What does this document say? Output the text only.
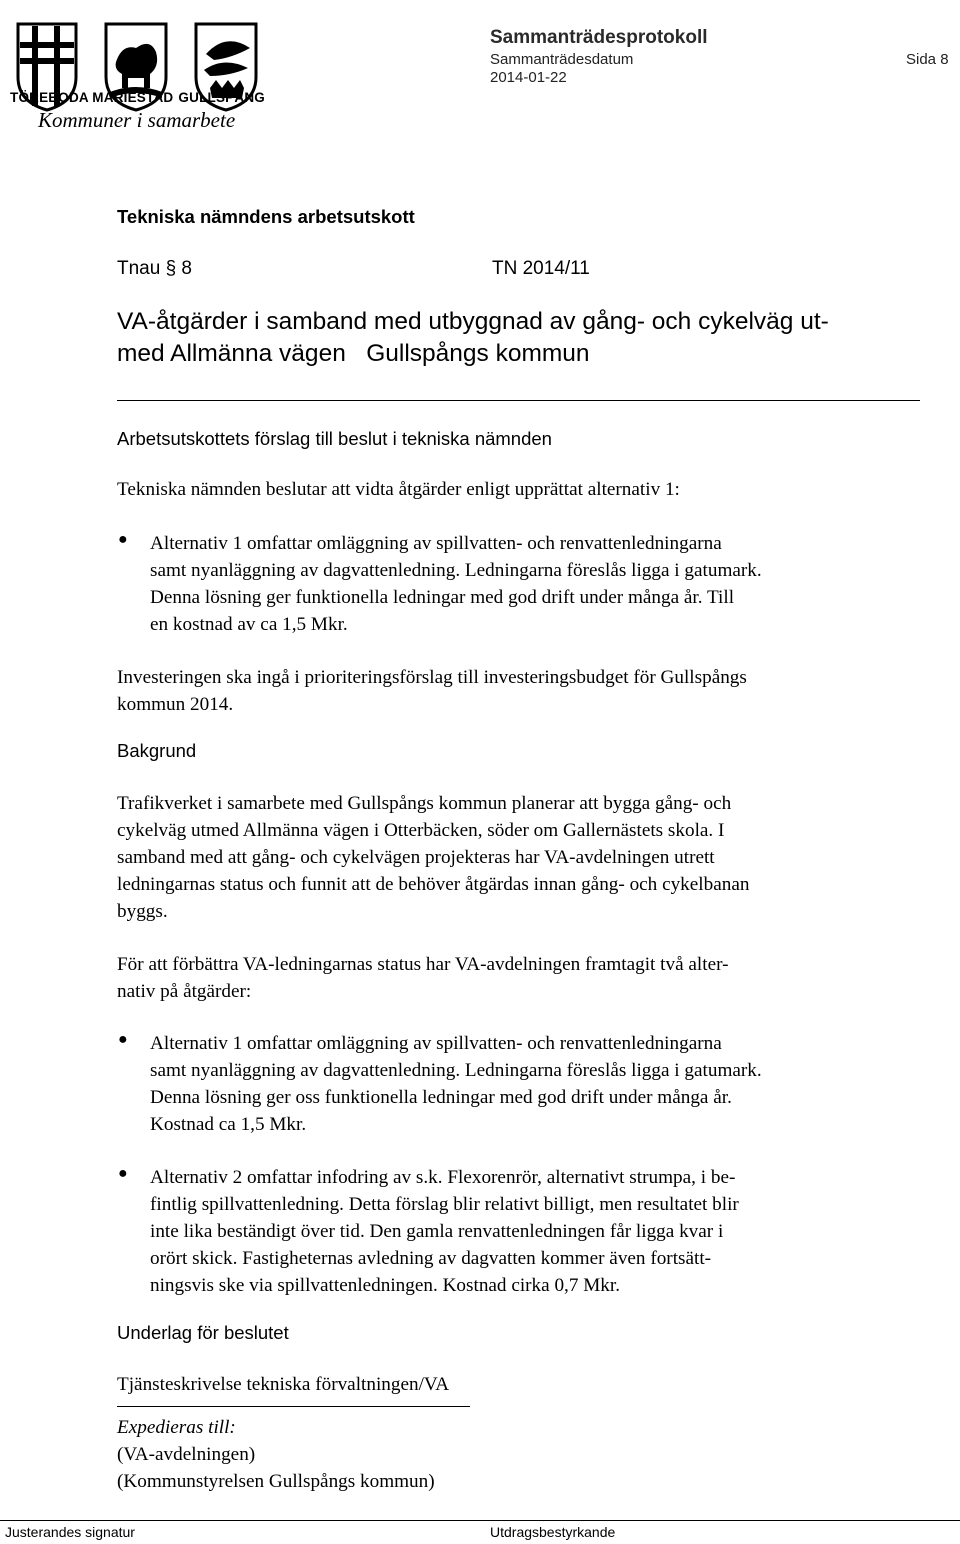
TÖREBODA MARIESTAD GULLSPÅNG
Kommuner i samarbete
Sammanträdesprotokoll
Sammanträdesdatum
2014-01-22
Sida 8
Tekniska nämndens arbetsutskott
Tnau § 8	TN 2014/11
VA-åtgärder i samband med utbyggnad av gång- och cykelväg ut-
med Allmänna vägen   Gullspångs kommun
Arbetsutskottets förslag till beslut i tekniska nämnden
Tekniska nämnden beslutar att vidta åtgärder enligt upprättat alternativ 1:
● Alternativ 1 omfattar omläggning av spillvatten- och renvattenledningarna
samt nyanläggning av dagvattenledning. Ledningarna föreslås ligga i gatumark.
Denna lösning ger funktionella ledningar med god drift under många år. Till
en kostnad av ca 1,5 Mkr.
Investeringen ska ingå i prioriteringsförslag till investeringsbudget för Gullspångs
kommun 2014.
Bakgrund
Trafikverket i samarbete med Gullspångs kommun planerar att bygga gång- och
cykelväg utmed Allmänna vägen i Otterbäcken, söder om Gallernästets skola. I
samband med att gång- och cykelvägen projekteras har VA-avdelningen utrett
ledningarnas status och funnit att de behöver åtgärdas innan gång- och cykelbanan
byggs.
För att förbättra VA-ledningarnas status har VA-avdelningen framtagit två alter-
nativ på åtgärder:
● Alternativ 1 omfattar omläggning av spillvatten- och renvattenledningarna
samt nyanläggning av dagvattenledning. Ledningarna föreslås ligga i gatumark.
Denna lösning ger oss funktionella ledningar med god drift under många år.
Kostnad ca 1,5 Mkr.
● Alternativ 2 omfattar infodring av s.k. Flexorenrör, alternativt strumpa, i be-
fintlig spillvattenledning. Detta förslag blir relativt billigt, men resultatet blir
inte lika beständigt över tid. Den gamla renvattenledningen får ligga kvar i
orört skick. Fastigheternas avledning av dagvatten kommer även fortsätt-
ningsvis ske via spillvattenledningen. Kostnad cirka 0,7 Mkr.
Underlag för beslutet
Tjänsteskrivelse tekniska förvaltningen/VA
Expedieras till:
(VA-avdelningen)
(Kommunstyrelsen Gullspångs kommun)
Justerandes signatur	Utdragsbestyrkande
